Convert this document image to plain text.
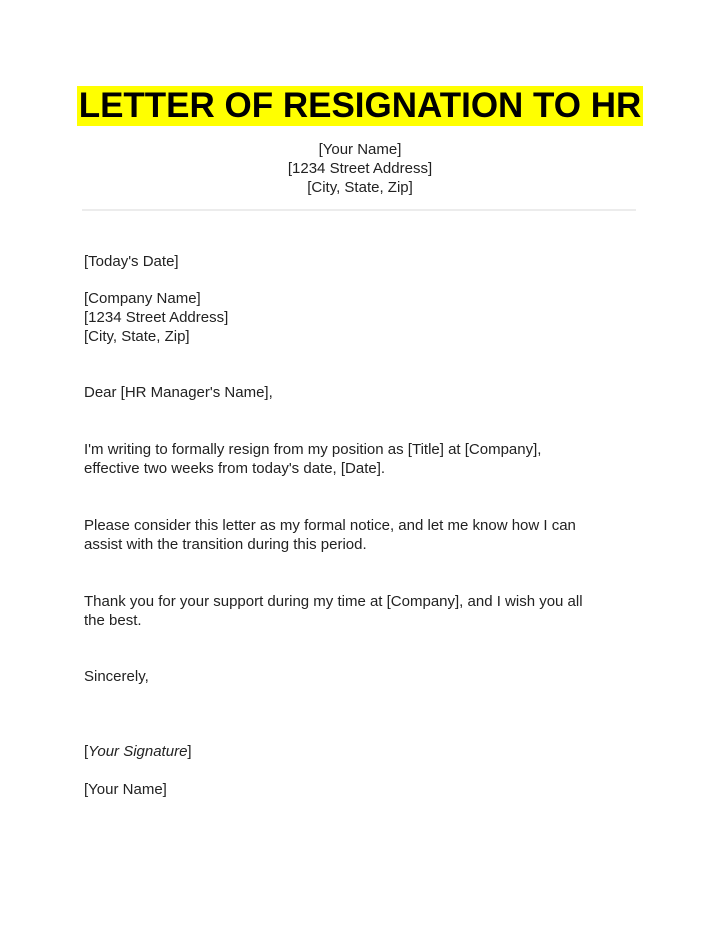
LETTER OF RESIGNATION TO HR
[Your Name]
[1234 Street Address]
[City, State, Zip]
[Today's Date]
[Company Name]
[1234 Street Address]
[City, State, Zip]
Dear [HR Manager's Name],
I'm writing to formally resign from my position as [Title] at [Company],
effective two weeks from today's date, [Date].
Please consider this letter as my formal notice, and let me know how I can
assist with the transition during this period.
Thank you for your support during my time at [Company], and I wish you all
the best.
Sincerely,
[Your Signature]
[Your Name]
